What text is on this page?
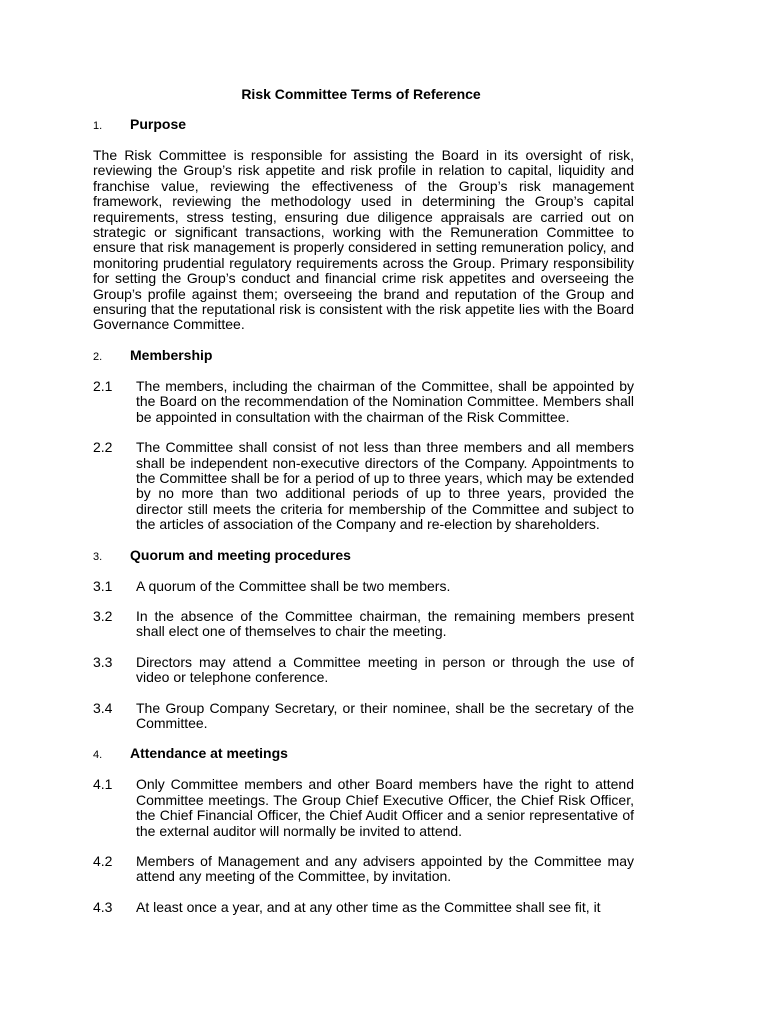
Risk Committee Terms of Reference
1.	Purpose

The Risk Committee is responsible for assisting the Board in its oversight of risk, reviewing the Group’s risk appetite and risk profile in relation to capital, liquidity and franchise value, reviewing the effectiveness of the Group’s risk management framework, reviewing the methodology used in determining the Group’s capital requirements, stress testing, ensuring due diligence appraisals are carried out on strategic or significant transactions, working with the Remuneration Committee to ensure that risk management is properly considered in setting remuneration policy, and monitoring prudential regulatory requirements across the Group. Primary responsibility for setting the Group’s conduct and financial crime risk appetites and overseeing the Group’s profile against them; overseeing the brand and reputation of the Group and ensuring that the reputational risk is consistent with the risk appetite lies with the Board Governance Committee.

2.	Membership
2.1	The members, including the chairman of the Committee, shall be appointed by the Board on the recommendation of the Nomination Committee. Members shall be appointed in consultation with the chairman of the Risk Committee.
2.2	The Committee shall consist of not less than three members and all members shall be independent non-executive directors of the Company. Appointments to the Committee shall be for a period of up to three years, which may be extended by no more than two additional periods of up to three years, provided the director still meets the criteria for membership of the Committee and subject to the articles of association of the Company and re-election by shareholders.
3.	Quorum and meeting procedures
3.1	A quorum of the Committee shall be two members.
3.2	In the absence of the Committee chairman, the remaining members present shall elect one of themselves to chair the meeting.
3.3	Directors may attend a Committee meeting in person or through the use of video or telephone conference.
3.4	The Group Company Secretary, or their nominee, shall be the secretary of the Committee.
4.	Attendance at meetings
4.1	Only Committee members and other Board members have the right to attend Committee meetings. The Group Chief Executive Officer, the Chief Risk Officer, the Chief Financial Officer, the Chief Audit Officer and a senior representative of the external auditor will normally be invited to attend.
4.2	Members of Management and any advisers appointed by the Committee may attend any meeting of the Committee, by invitation.
4.3	At least once a year, and at any other time as the Committee shall see fit, it
